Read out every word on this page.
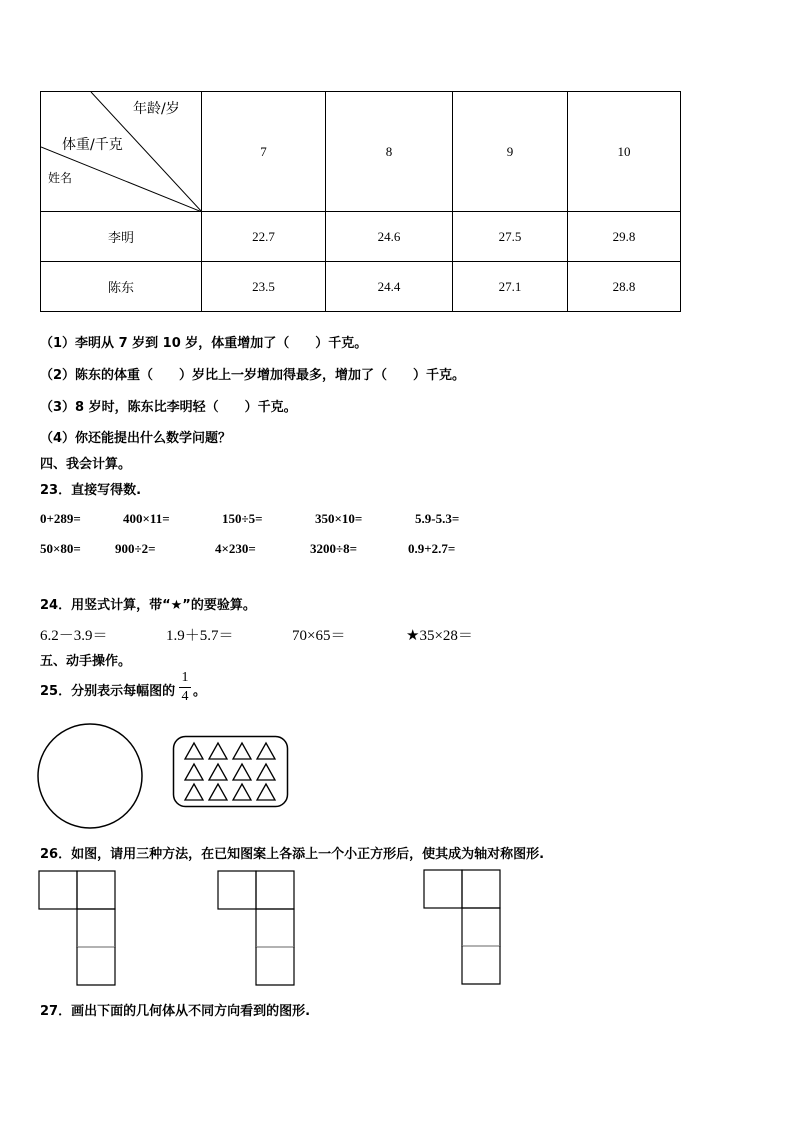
年龄/岁
体重/千克
姓名	7	8	9	10
李明	22.7	24.6	27.5	29.8
陈东	23.5	24.4	27.1	28.8
（1）李明从 7 岁到 10 岁，体重增加了（　　）千克。
（2）陈东的体重（　　）岁比上一岁增加得最多，增加了（　　）千克。
（3）8 岁时，陈东比李明轻（　　）千克。
（4）你还能提出什么数学问题？
四、我会计算。
23．直接写得数.
0+289=	400×11=	150÷5=	350×10=	5.9-5.3=
50×80=	900÷2=	4×230=	3200÷8=	0.9+2.7=
24．用竖式计算，带“★”的要验算。
6.2－3.9＝	1.9＋5.7＝	70×65＝	★35×28＝
五、动手操作。
25．分别表示每幅图的
1
4 。
26．如图，请用三种方法，在已知图案上各添上一个小正方形后，使其成为轴对称图形.
27．画出下面的几何体从不同方向看到的图形.
